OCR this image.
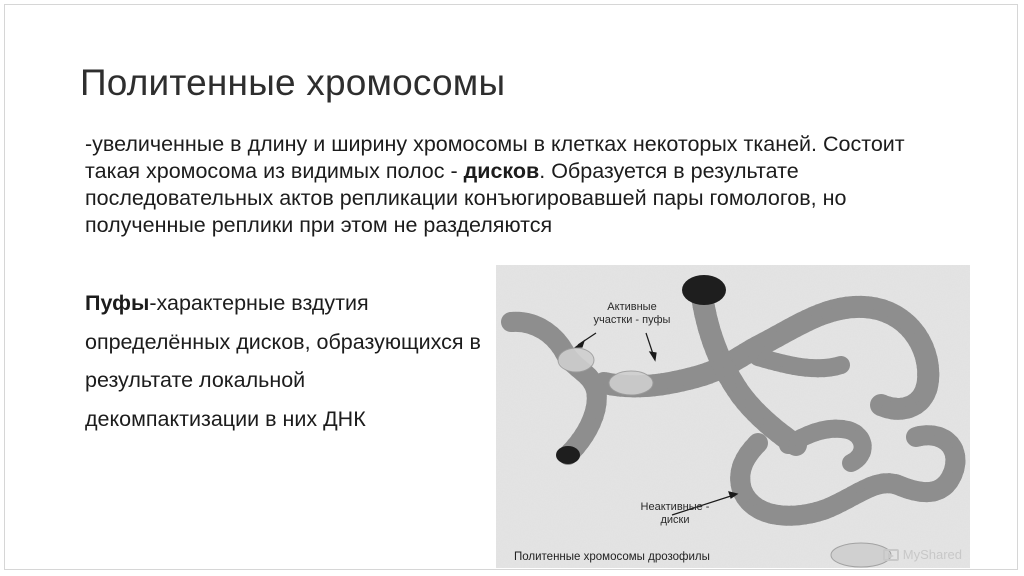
Политенные хромосомы
-увеличенные в длину и ширину хромосомы в клетках некоторых тканей. Состоит такая хромосома из видимых полос - дисков. Образуется в результате последовательных актов репликации конъюгировавшей пары гомологов, но полученные реплики при этом не разделяются
Пуфы-характерные вздутия определённых дисков, образующихся в результате локальной декомпактизации в них ДНК
Активные участки - пуфы
Неактивные - диски
Политенные хромосомы дрозофилы	MyShared
